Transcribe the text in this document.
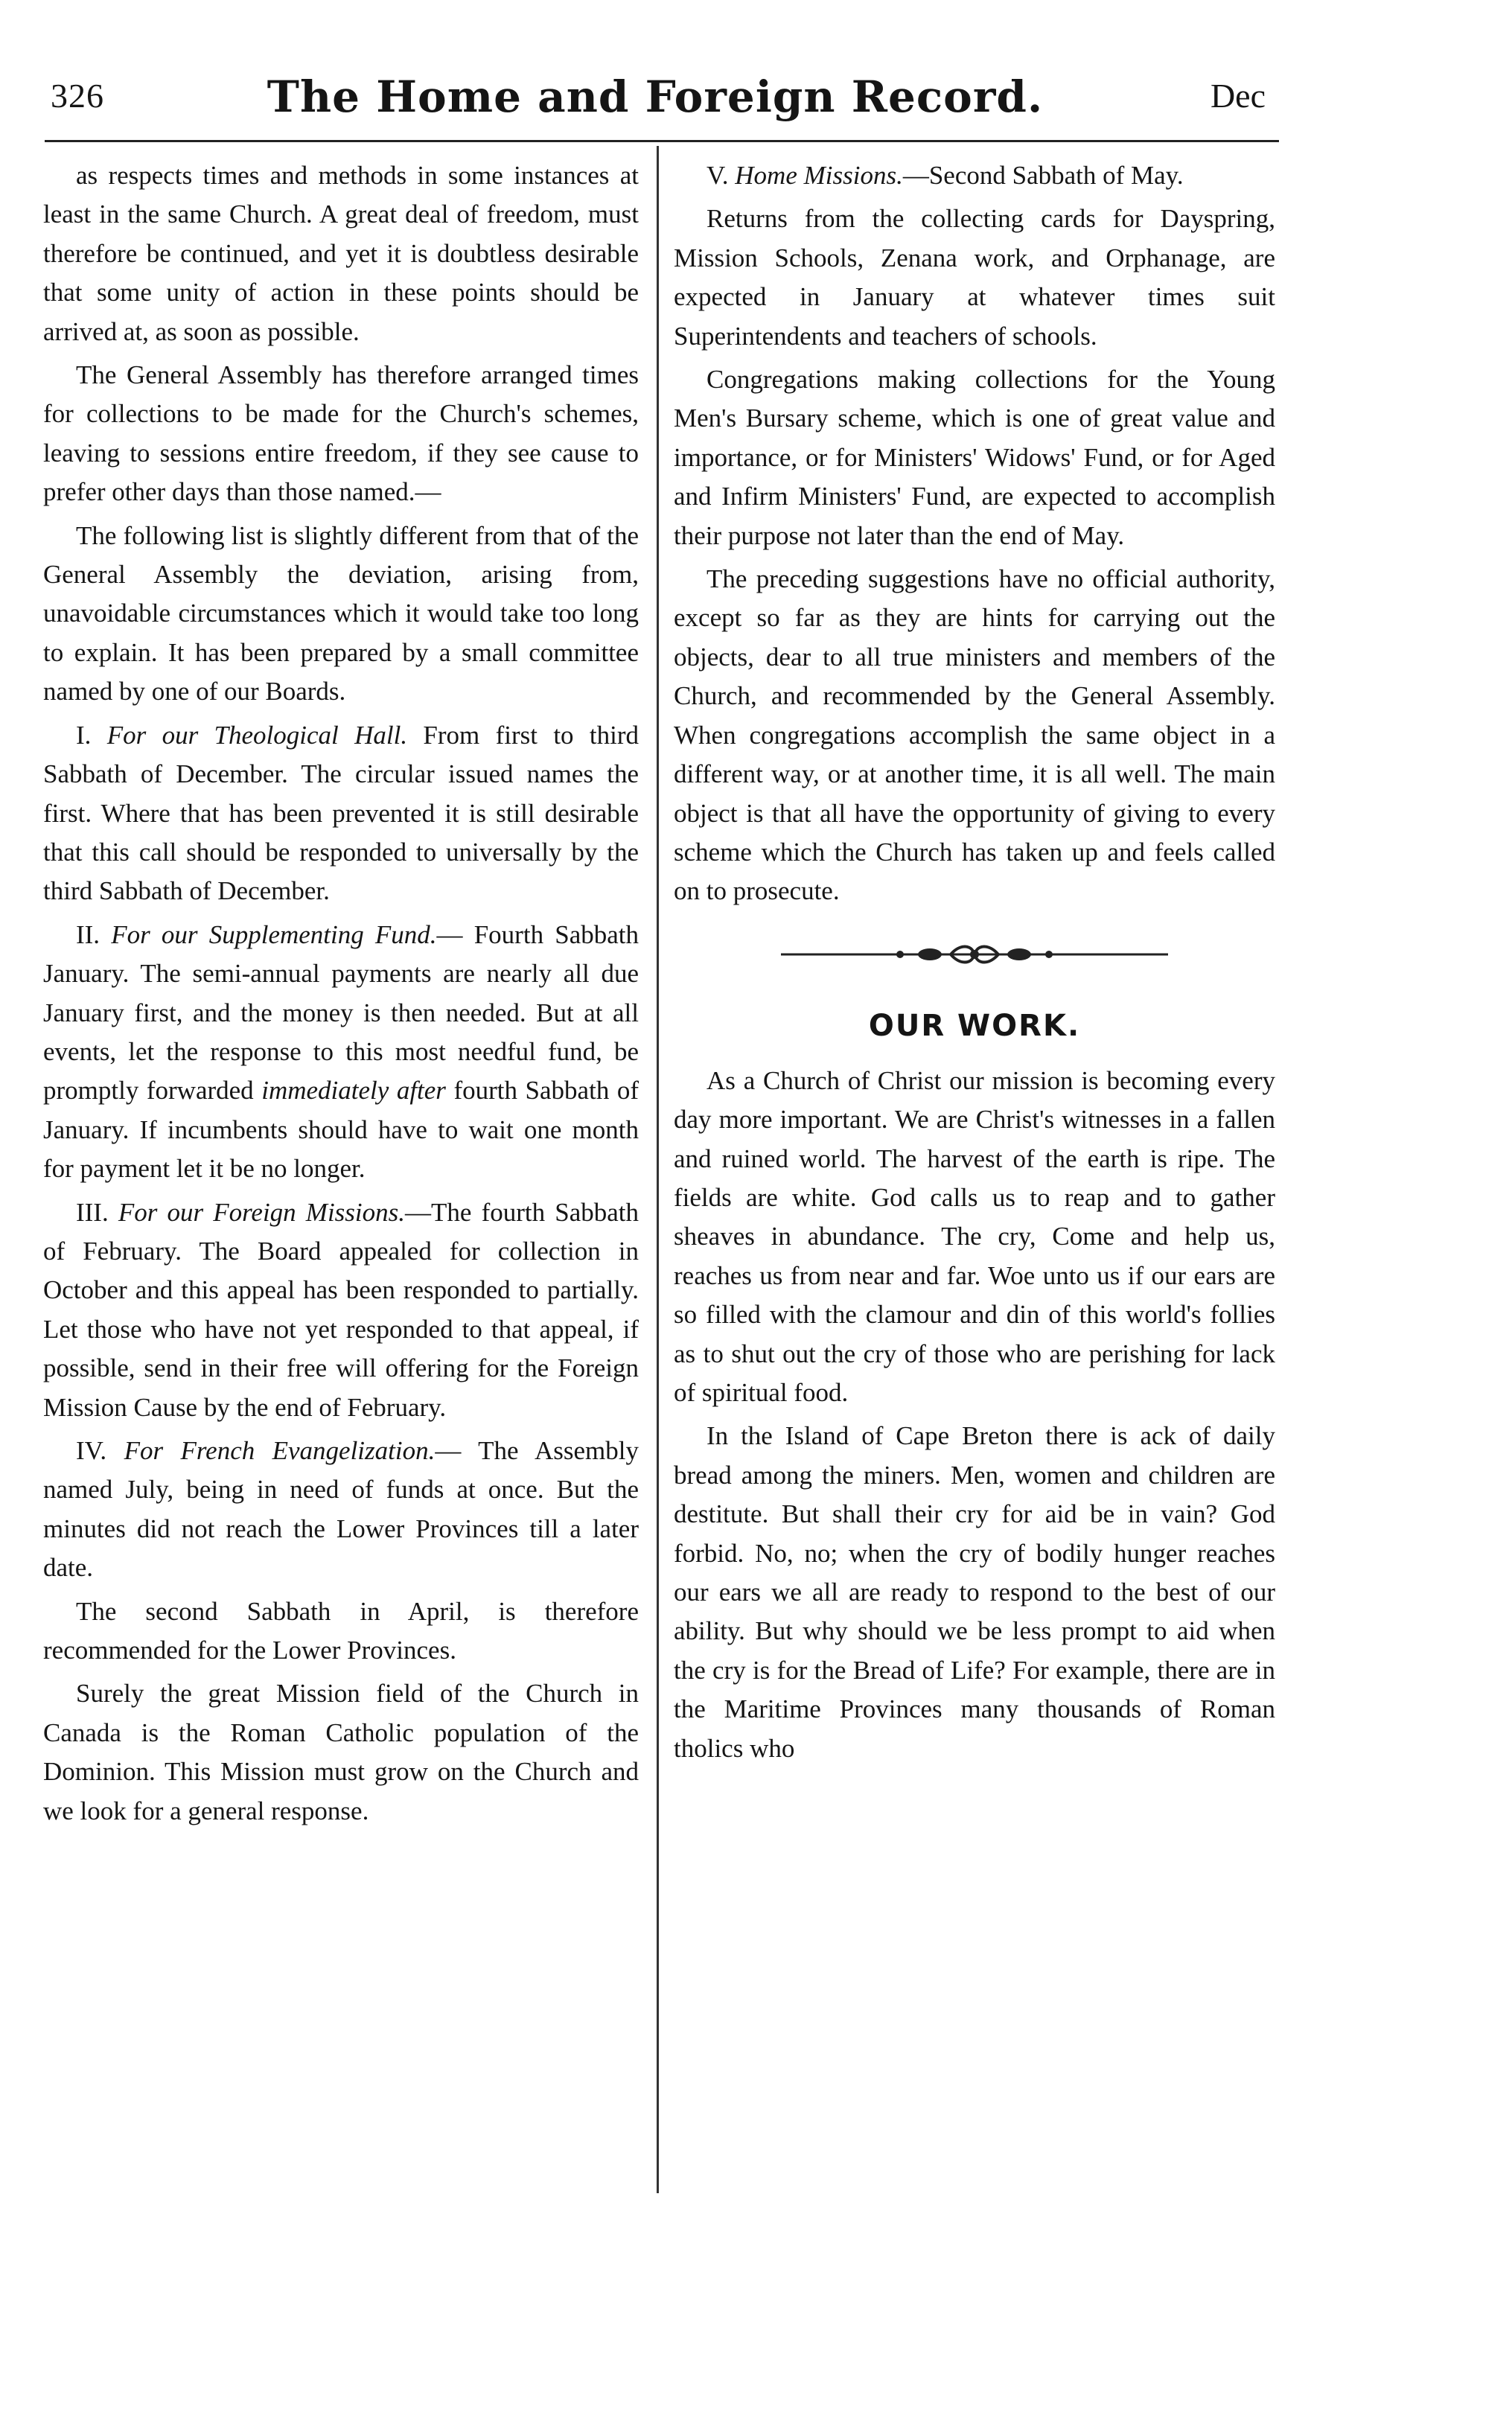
326	The Home and Foreign Record.	Dec

as respects times and methods in some instances at least in the same Church. A great deal of freedom, must therefore be continued, and yet it is doubtless desirable that some unity of action in these points should be arrived at, as soon as possible.

The General Assembly has therefore arranged times for collections to be made for the Church's schemes, leaving to sessions entire freedom, if they see cause to prefer other days than those named.—

The following list is slightly different from that of the General Assembly the deviation, arising from, unavoidable circumstances which it would take too long to explain. It has been prepared by a small committee named by one of our Boards.

I. For our Theological Hall. From first to third Sabbath of December. The circular issued names the first. Where that has been prevented it is still desirable that this call should be responded to universally by the third Sabbath of December.

II. For our Supplementing Fund.— Fourth Sabbath January. The semi-annual payments are nearly all due January first, and the money is then needed. But at all events, let the response to this most needful fund, be promptly forwarded immediately after fourth Sabbath of January. If incumbents should have to wait one month for payment let it be no longer.

III. For our Foreign Missions.—The fourth Sabbath of February. The Board appealed for collection in October and this appeal has been responded to partially. Let those who have not yet responded to that appeal, if possible, send in their free will offering for the Foreign Mission Cause by the end of February.

IV. For French Evangelization.— The Assembly named July, being in need of funds at once. But the minutes did not reach the Lower Provinces till a later date.

The second Sabbath in April, is therefore recommended for the Lower Provinces.

Surely the great Mission field of the Church in Canada is the Roman Catholic population of the Dominion. This Mission must grow on the Church and we look for a general response.

V. Home Missions.—Second Sabbath of May.

Returns from the collecting cards for Dayspring, Mission Schools, Zenana work, and Orphanage, are expected in January at whatever times suit Superintendents and teachers of schools.

Congregations making collections for the Young Men's Bursary scheme, which is one of great value and importance, or for Ministers' Widows' Fund, or for Aged and Infirm Ministers' Fund, are expected to accomplish their purpose not later than the end of May.

The preceding suggestions have no official authority, except so far as they are hints for carrying out the objects, dear to all true ministers and members of the Church, and recommended by the General Assembly. When congregations accomplish the same object in a different way, or at another time, it is all well. The main object is that all have the opportunity of giving to every scheme which the Church has taken up and feels called on to prosecute.

OUR WORK.

As a Church of Christ our mission is becoming every day more important. We are Christ's witnesses in a fallen and ruined world. The harvest of the earth is ripe. The fields are white. God calls us to reap and to gather sheaves in abundance. The cry, Come and help us, reaches us from near and far. Woe unto us if our ears are so filled with the clamour and din of this world's follies as to shut out the cry of those who are perishing for lack of spiritual food.

In the Island of Cape Breton there is ack of daily bread among the miners. Men, women and children are destitute. But shall their cry for aid be in vain? God forbid. No, no; when the cry of bodily hunger reaches our ears we all are ready to respond to the best of our ability. But why should we be less prompt to aid when the cry is for the Bread of Life? For example, there are in the Maritime Provinces many thousands of Roman tholics who
